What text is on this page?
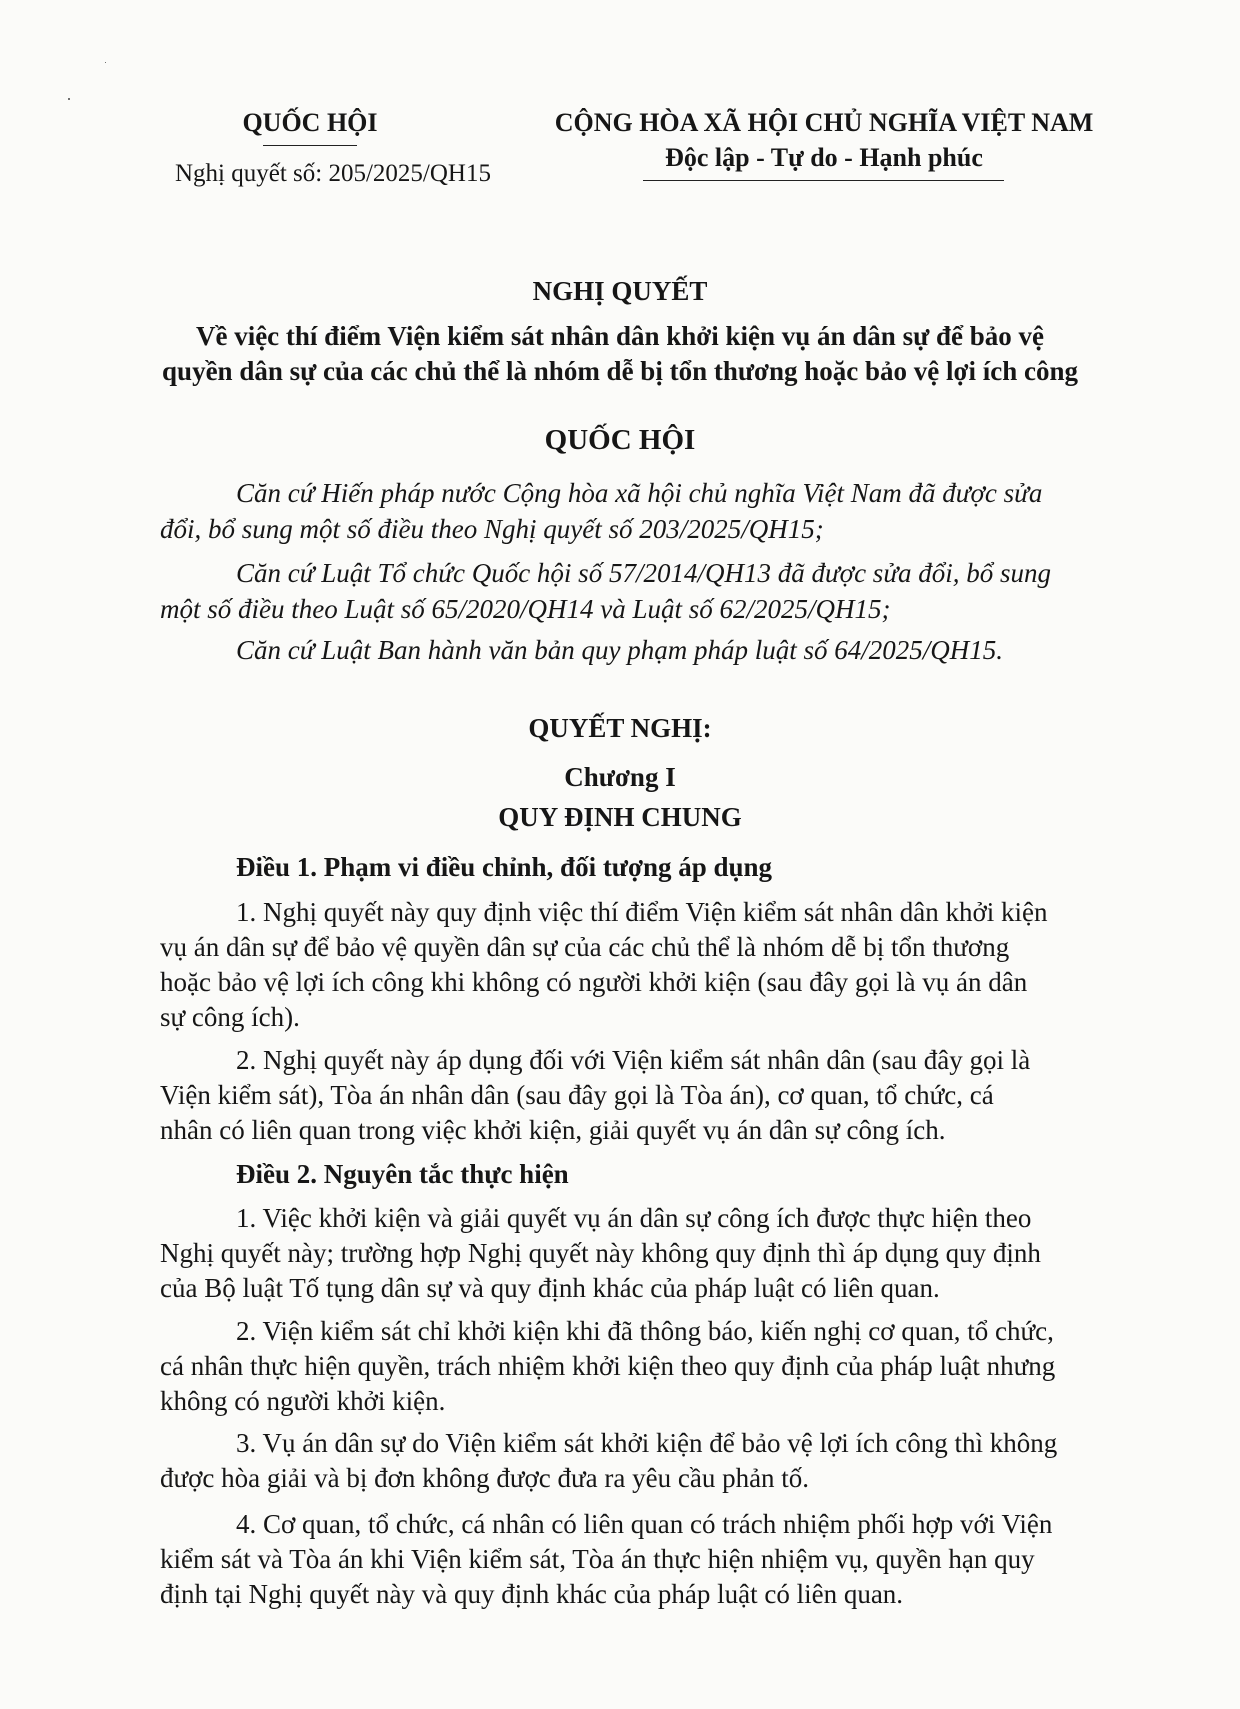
QUỐC HỘI
Nghị quyết số: 205/2025/QH15
CỘNG HÒA XÃ HỘI CHỦ NGHĨA VIỆT NAM
Độc lập - Tự do - Hạnh phúc
NGHỊ QUYẾT
Về việc thí điểm Viện kiểm sát nhân dân khởi kiện vụ án dân sự để bảo vệ
quyền dân sự của các chủ thể là nhóm dễ bị tổn thương hoặc bảo vệ lợi ích công
QUỐC HỘI
Căn cứ Hiến pháp nước Cộng hòa xã hội chủ nghĩa Việt Nam đã được sửa
đổi, bổ sung một số điều theo Nghị quyết số 203/2025/QH15;
Căn cứ Luật Tổ chức Quốc hội số 57/2014/QH13 đã được sửa đổi, bổ sung
một số điều theo Luật số 65/2020/QH14 và Luật số 62/2025/QH15;
Căn cứ Luật Ban hành văn bản quy phạm pháp luật số 64/2025/QH15.
QUYẾT NGHỊ:
Chương I
QUY ĐỊNH CHUNG
Điều 1. Phạm vi điều chỉnh, đối tượng áp dụng
1. Nghị quyết này quy định việc thí điểm Viện kiểm sát nhân dân khởi kiện
vụ án dân sự để bảo vệ quyền dân sự của các chủ thể là nhóm dễ bị tổn thương
hoặc bảo vệ lợi ích công khi không có người khởi kiện (sau đây gọi là vụ án dân
sự công ích).
2. Nghị quyết này áp dụng đối với Viện kiểm sát nhân dân (sau đây gọi là
Viện kiểm sát), Tòa án nhân dân (sau đây gọi là Tòa án), cơ quan, tổ chức, cá
nhân có liên quan trong việc khởi kiện, giải quyết vụ án dân sự công ích.
Điều 2. Nguyên tắc thực hiện
1. Việc khởi kiện và giải quyết vụ án dân sự công ích được thực hiện theo
Nghị quyết này; trường hợp Nghị quyết này không quy định thì áp dụng quy định
của Bộ luật Tố tụng dân sự và quy định khác của pháp luật có liên quan.
2. Viện kiểm sát chỉ khởi kiện khi đã thông báo, kiến nghị cơ quan, tổ chức,
cá nhân thực hiện quyền, trách nhiệm khởi kiện theo quy định của pháp luật nhưng
không có người khởi kiện.
3. Vụ án dân sự do Viện kiểm sát khởi kiện để bảo vệ lợi ích công thì không
được hòa giải và bị đơn không được đưa ra yêu cầu phản tố.
4. Cơ quan, tổ chức, cá nhân có liên quan có trách nhiệm phối hợp với Viện
kiểm sát và Tòa án khi Viện kiểm sát, Tòa án thực hiện nhiệm vụ, quyền hạn quy
định tại Nghị quyết này và quy định khác của pháp luật có liên quan.
